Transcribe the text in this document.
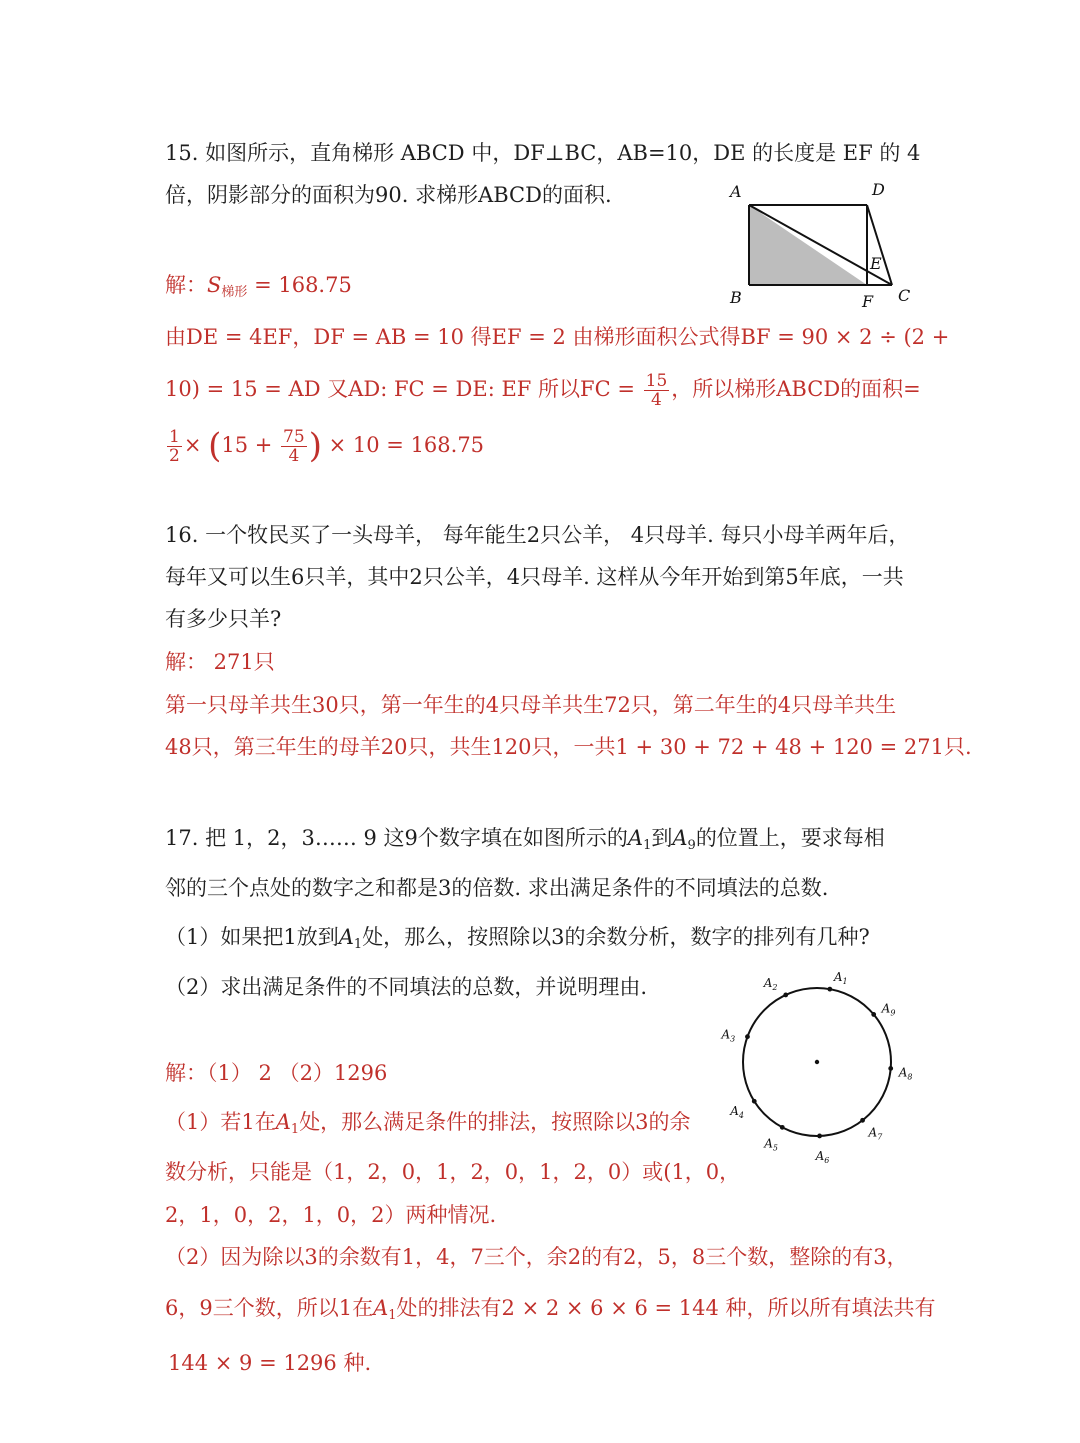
15. 如图所示，直角梯形 ABCD 中，DF⊥BC，AB=10，DE 的长度是 EF 的 4
倍，阴影部分的面积为90. 求梯形ABCD的面积.
解：$S_{梯形} = 168.75$
由DE = 4EF，DF = AB = 10 得EF = 2 由梯形面积公式得BF = 90 × 2 ÷ (2 +
10) = 15 = AD 又AD: FC = DE: EF 所以FC = $\frac{15}{4}$ ，所以梯形ABCD的面积=
$\frac{1}{2} \times (15 + \frac{75}{4}$ ) × 10 = 168.75
A	D
E
B	F C
16. 一个牧民买了一头母羊， 每年能生2只公羊， 4只母羊. 每只小母羊两年后，
每年又可以生6只羊，其中2只公羊，4只母羊. 这样从今年开始到第5年底，一共
有多少只羊?
解： 271只
第一只母羊共生30只，第一年生的4只母羊共生72只，第二年生的4只母羊共生
48只，第三年生的母羊20只，共生120只，一共1 + 30 + 72 + 48 + 120 = 271只.
17. 把 1，2，3…… 9 这9个数字填在如图所示的$A_1$到$A_9$的位置上，要求每相
邻的三个点处的数字之和都是3的倍数. 求出满足条件的不同填法的总数.
（1）如果把1放到$A_1$处，那么，按照除以3的余数分析，数字的排列有几种?
（2）求出满足条件的不同填法的总数，并说明理由.
解：（1） 2 （2）1296
（1）若1在$A_1$处，那么满足条件的排法，按照除以3的余
数分析，只能是（1，2，0，1，2，0，1，2，0）或(1，0，
2，1，0，2，1，0，2）两种情况.
（2）因为除以3的余数有1，4，7三个，余2的有2，5，8三个数，整除的有3，
6，9三个数，所以1在$A_1$处的排法有2 × 2 × 6 × 6 = 144 种，所以所有填法共有
144 × 9 = 1296 种.
$A_1$
$A_2$
$A_3$
$A_4$
$A_5$
$A_6$
$A_7$
$A_8$
$A_9$
